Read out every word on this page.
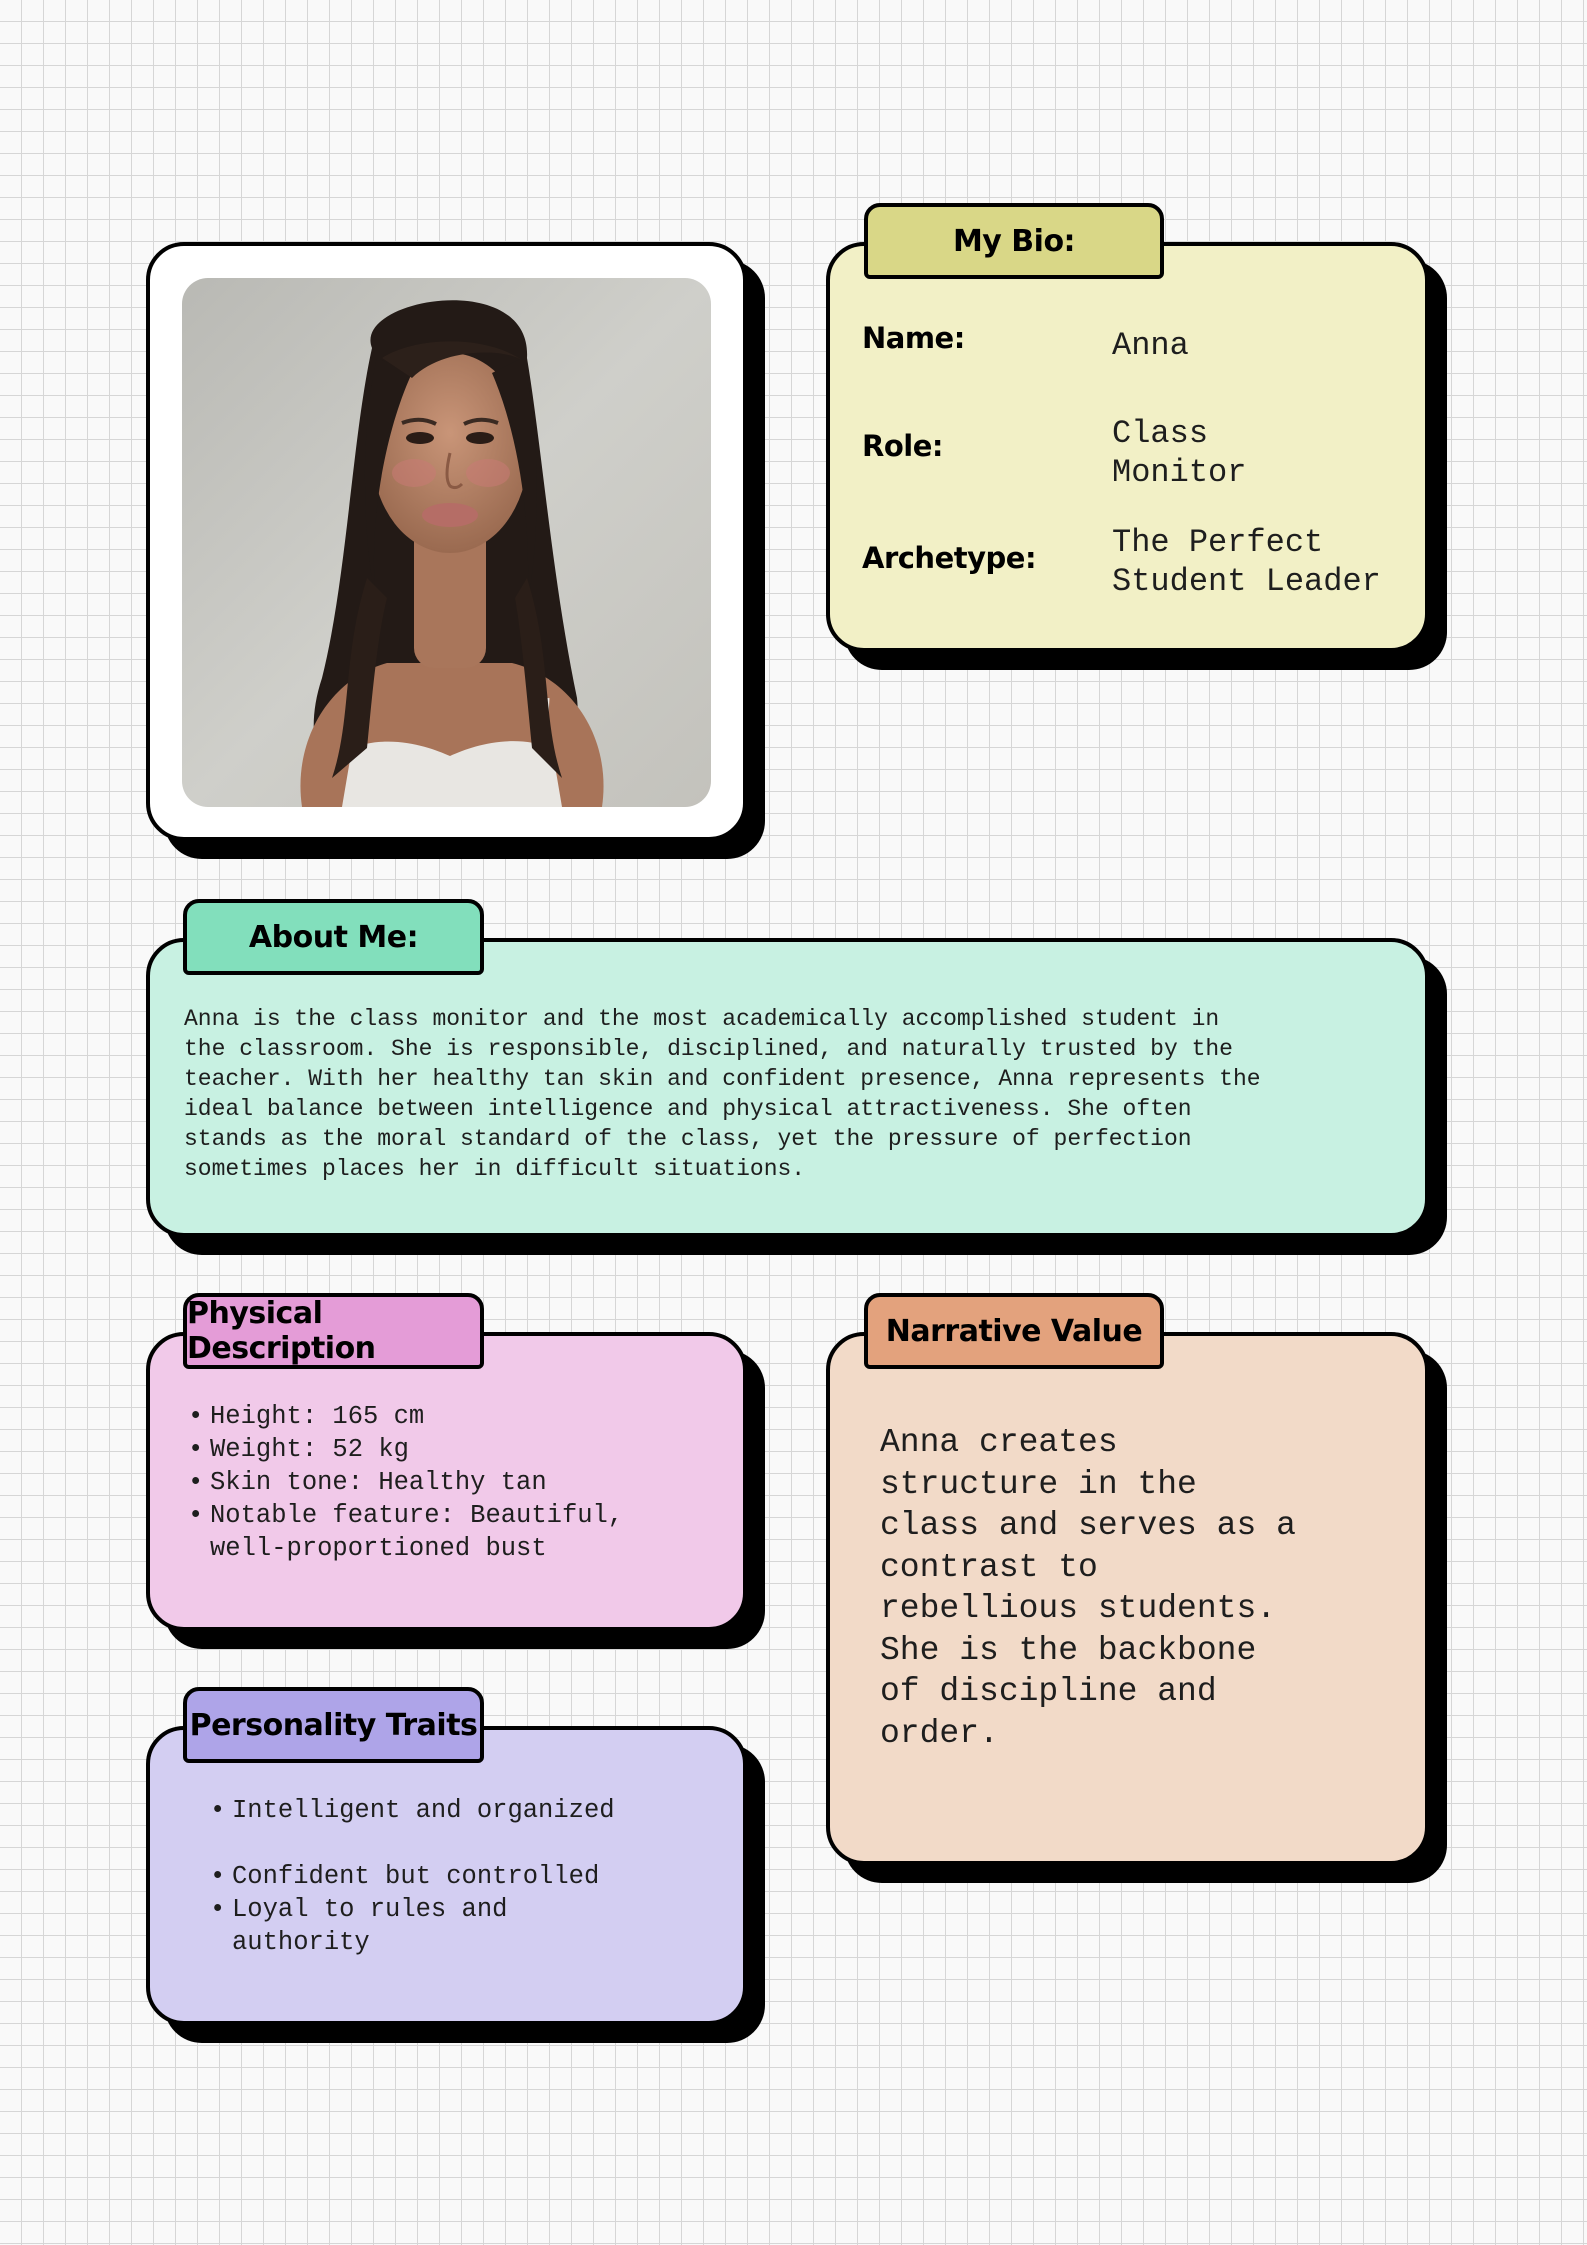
My Bio:
Name:	Anna
Role:	Class
Monitor
Archetype: The Perfect
Student Leader
About Me:
Anna is the class monitor and the most academically accomplished student in
the classroom. She is responsible, disciplined, and naturally trusted by the
teacher. With her healthy tan skin and confident presence, Anna represents the
ideal balance between intelligence and physical attractiveness. She often
stands as the moral standard of the class, yet the pressure of perfection
sometimes places her in difficult situations.
Physical Description
• Height: 165 cm
• Weight: 52 kg
• Skin tone: Healthy tan
• Notable feature: Beautiful,
well-proportioned bust
Personality Traits
• Intelligent and organized
• Confident but controlled
• Loyal to rules and
authority
Narrative Value
Anna creates
structure in the
class and serves as a
contrast to
rebellious students.
She is the backbone
of discipline and
order.
